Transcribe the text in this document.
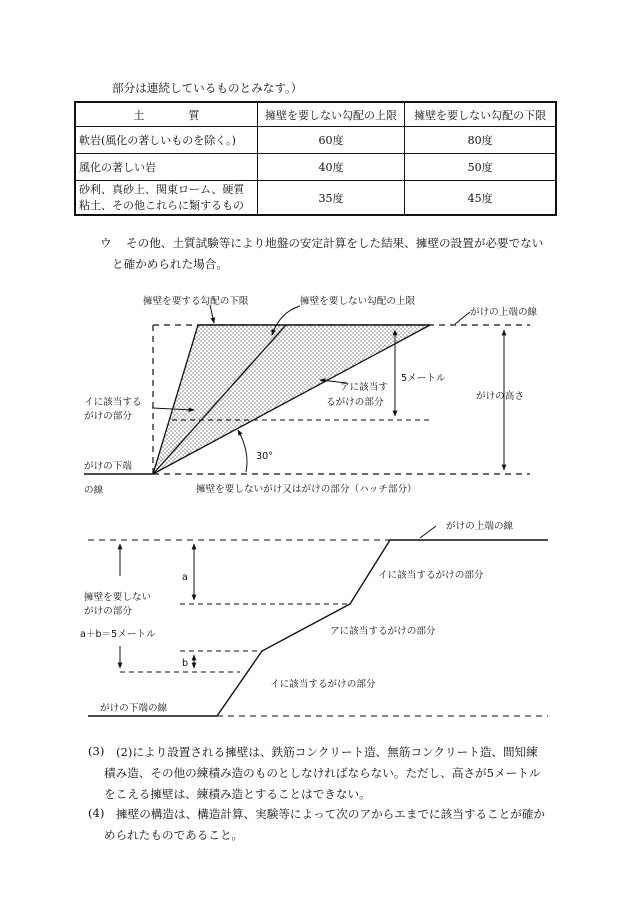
部分は連続しているものとみなす。）
土　　　　質	擁壁を要しない勾配の上限	擁壁を要しない勾配の下限
軟岩(風化の著しいものを除く。)	60度	80度
風化の著しい岩	40度	50度

砂利、真砂上、関東ローム、硬質
粘土、その他これらに類するもの	35度	45度
ウ その他、土質試験等により地盤の安定計算をした結果、擁壁の設置が必要でない
と確かめられた場合。
擁壁を要する勾配の下限	擁壁を要しない勾配の上限
がけの上端の線
イに該当する
がけの部分
5メートル
アに該当す
るがけの部分
がけの高さ
30°
がけの下端
の線	擁壁を要しないがけ又はがけの部分（ハッチ部分）
がけの上端の線
a	イに該当するがけの部分
擁壁を要しない
がけの部分
アに該当するがけの部分
a＋b＝5メートル
b
イに該当するがけの部分
がけの下端の線
(3) (2)により設置される擁壁は、鉄筋コンクリート造、無筋コンクリート造、間知練
積み造、その他の練積み造のものとしなければならない。ただし、高さが5メートル
をこえる擁壁は、練積み造とすることはできない。
(4) 擁壁の構造は、構造計算、実験等によって次のアからエまでに該当することが確か
められたものであること。
